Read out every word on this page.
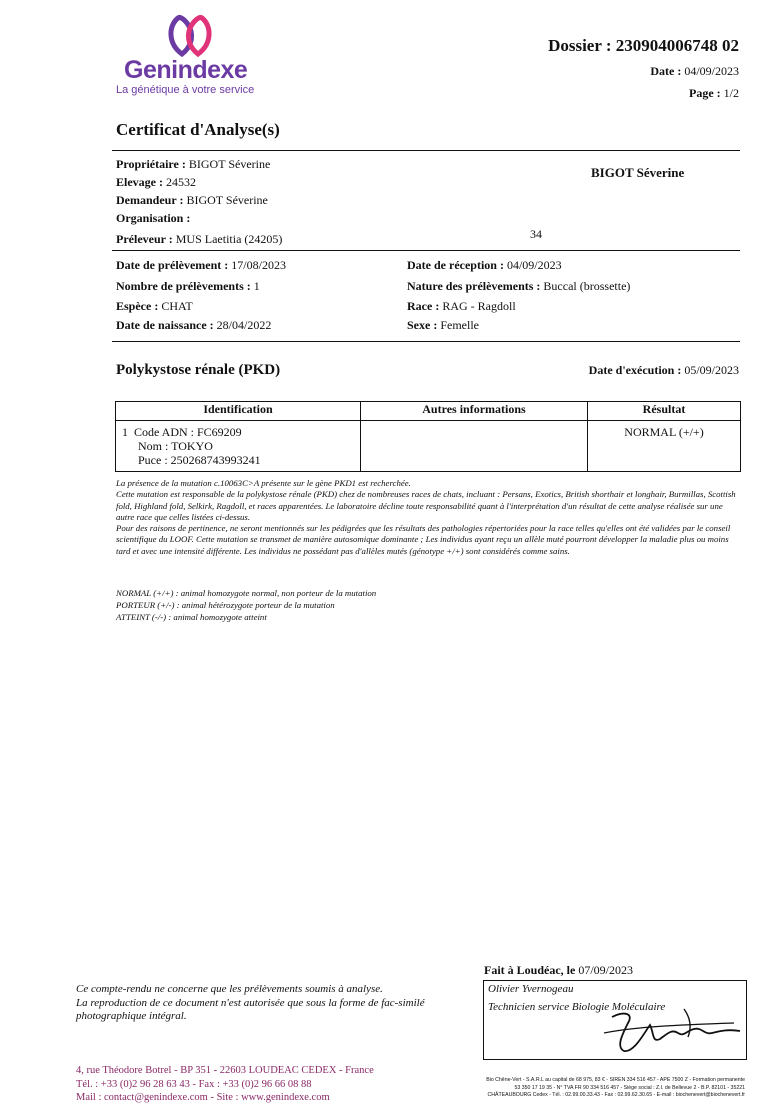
Genindexe
La génétique à votre service
Dossier : 230904006748 02
Date : 04/09/2023
Page : 1/2
Certificat d'Analyse(s)
Propriétaire : BIGOT Séverine
Elevage : 24532
Demandeur : BIGOT Séverine
Organisation :
Préleveur : MUS Laetitia (24205)
BIGOT Séverine
34
Date de prélèvement : 17/08/2023
Nombre de prélèvements : 1
Espèce : CHAT
Date de naissance : 28/04/2022
Date de réception : 04/09/2023
Nature des prélèvements : Buccal (brossette)
Race : RAG - Ragdoll
Sexe : Femelle
Polykystose rénale (PKD)	Date d'exécution : 05/09/2023
Identification	Autres informations	Résultat

1 Code ADN : FC69209
Nom : TOKYO
Puce : 250268743993241		NORMAL (+/+)

La présence de la mutation c.10063C>A présente sur le gène PKD1 est recherchée.

Cette mutation est responsable de la polykystose rénale (PKD) chez de nombreuses races de chats, incluant : Persans, Exotics, British shorthair et longhair, Burmillas, Scottish fold, Highland fold, Selkirk, Ragdoll, et races apparentées. Le laboratoire décline toute responsabilité quant à l'interprétation d'un résultat de cette analyse réalisée sur une autre race que celles listées ci-dessus.

Pour des raisons de pertinence, ne seront mentionnés sur les pédigrées que les résultats des pathologies répertoriées pour la race telles qu'elles ont été validées par le conseil scientifique du LOOF. Cette mutation se transmet de manière autosomique dominante ; Les individus ayant reçu un allèle muté pourront développer la maladie plus ou moins tard et avec une intensité différente. Les individus ne possédant pas d'allèles mutés (génotype +/+) sont considérés comme sains.

NORMAL (+/+) : animal homozygote normal, non porteur de la mutation
PORTEUR (+/-) : animal hétérozygote porteur de la mutation
ATTEINT (-/-) : animal homozygote atteint
Ce compte-rendu ne concerne que les prélèvements soumis à analyse.
La reproduction de ce document n'est autorisée que sous la forme de fac-similé photographique intégral.
Fait à Loudéac, le 07/09/2023
Olivier Yvernogeau
Technicien service Biologie Moléculaire
4, rue Théodore Botrel - BP 351 - 22603 LOUDEAC CEDEX - France
Tél. : +33 (0)2 96 28 63 43 - Fax : +33 (0)2 96 66 08 88
Mail : contact@genindexe.com - Site : www.genindexe.com
Bio Chêne-Vert - S.A.R.L au capital de 68 975, 83 € - SIREN 334 516 457 - APE 7500 Z - Formation permanente
53 350 17 19 35 - N° TVA FR 90 334 516 457 - Siège social : Z.I. de Bellevue 2 - B.P. 82101 - 35221
CHÂTEAUBOURG Cedex - Tél. : 02.99.00.33.43 - Fax : 02.99.62.30.65 - E-mail : biochenevert@biochenevert.fr
